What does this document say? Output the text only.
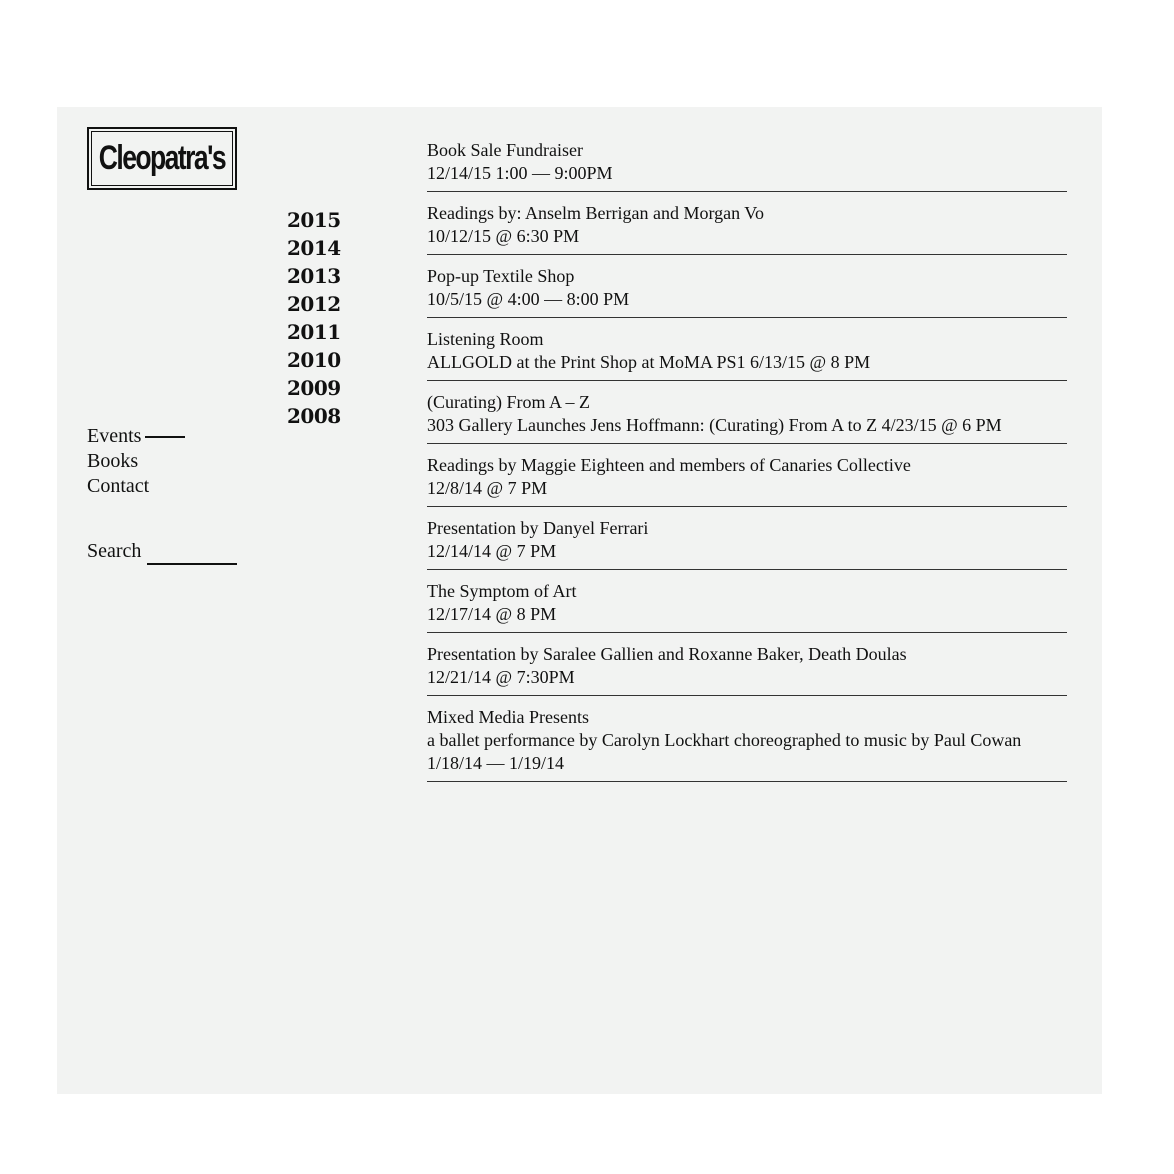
Cleopatra's
2015
2014
2013
2012
2011
2010
2009
2008
Events
Books
Contact
Search
Book Sale Fundraiser
12/14/15 1:00 — 9:00PM
Readings by: Anselm Berrigan and Morgan Vo
10/12/15 @ 6:30 PM
Pop-up Textile Shop
10/5/15 @ 4:00 — 8:00 PM
Listening Room
ALLGOLD at the Print Shop at MoMA PS1 6/13/15 @ 8 PM
(Curating) From A – Z
303 Gallery Launches Jens Hoffmann: (Curating) From A to Z 4/23/15 @ 6 PM
Readings by Maggie Eighteen and members of Canaries Collective
12/8/14 @ 7 PM
Presentation by Danyel Ferrari
12/14/14 @ 7 PM
The Symptom of Art
12/17/14 @ 8 PM
Presentation by Saralee Gallien and Roxanne Baker, Death Doulas
12/21/14 @ 7:30PM
Mixed Media Presents
a ballet performance by Carolyn Lockhart choreographed to music by Paul Cowan
1/18/14 — 1/19/14
